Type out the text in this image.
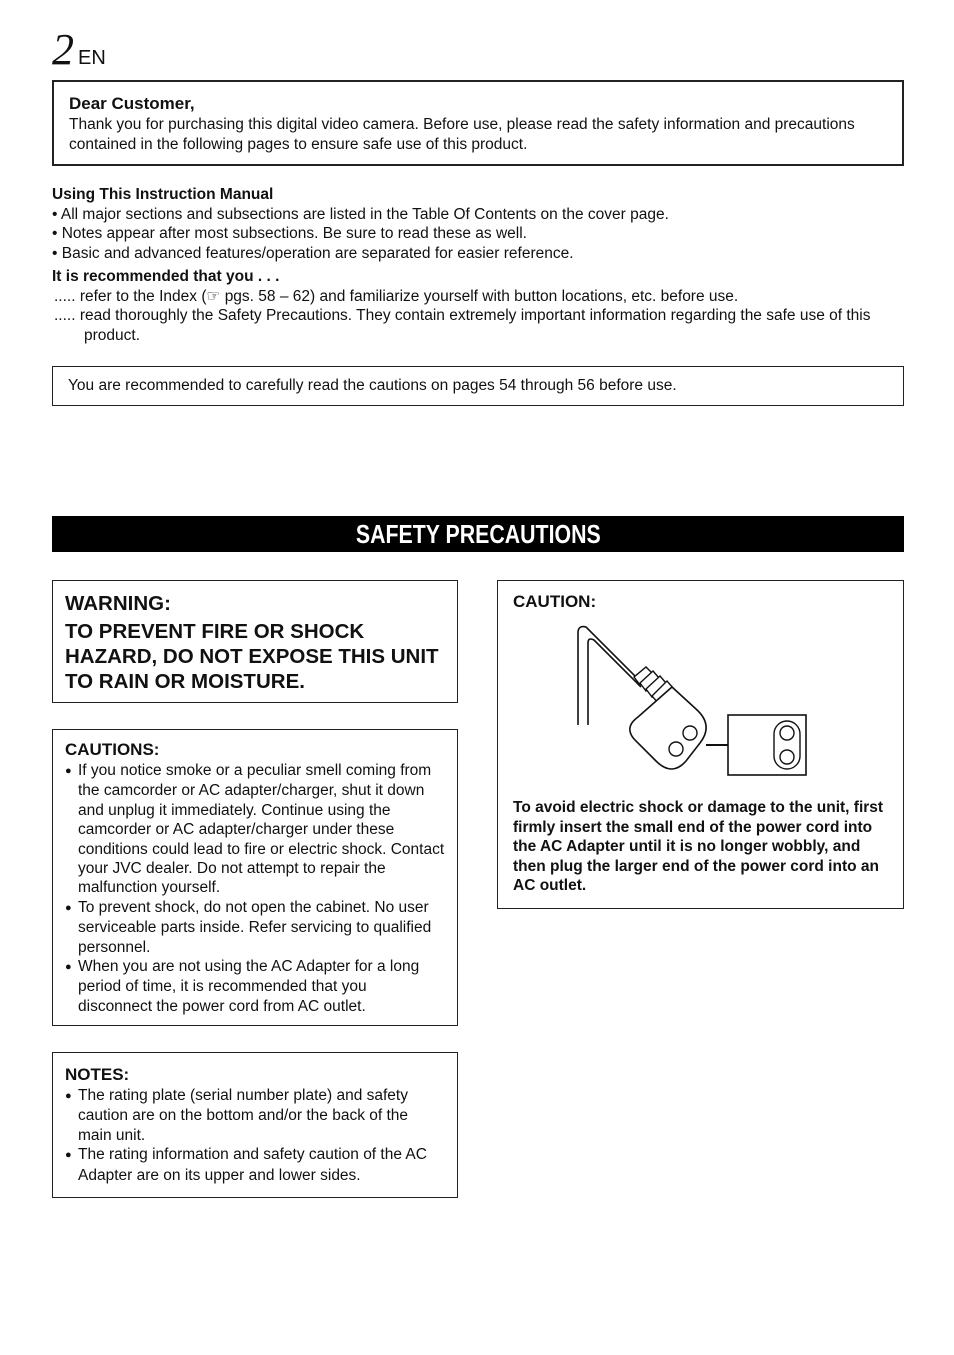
2 EN
Dear Customer,
Thank you for purchasing this digital video camera. Before use, please read the safety information and precautions contained in the following pages to ensure safe use of this product.
Using This Instruction Manual
• All major sections and subsections are listed in the Table Of Contents on the cover page.
• Notes appear after most subsections. Be sure to read these as well.
• Basic and advanced features/operation are separated for easier reference.
It is recommended that you . . .
..... refer to the Index (☞ pgs. 58 – 62) and familiarize yourself with button locations, etc. before use.
..... read thoroughly the Safety Precautions. They contain extremely important information regarding the safe use of this product.
You are recommended to carefully read the cautions on pages 54 through 56 before use.
SAFETY PRECAUTIONS
WARNING:
TO PREVENT FIRE OR SHOCK HAZARD, DO NOT EXPOSE THIS UNIT TO RAIN OR MOISTURE.
CAUTIONS:
● If you notice smoke or a peculiar smell coming from the camcorder or AC adapter/charger, shut it down and unplug it immediately. Continue using the camcorder or AC adapter/charger under these conditions could lead to fire or electric shock. Contact your JVC dealer. Do not attempt to repair the malfunction yourself.
● To prevent shock, do not open the cabinet. No user serviceable parts inside. Refer servicing to qualified personnel.
● When you are not using the AC Adapter for a long period of time, it is recommended that you disconnect the power cord from AC outlet.
NOTES:
● The rating plate (serial number plate) and safety caution are on the bottom and/or the back of the main unit.
● The rating information and safety caution of the AC Adapter are on its upper and lower sides.
CAUTION:
To avoid electric shock or damage to the unit, first firmly insert the small end of the power cord into the AC Adapter until it is no longer wobbly, and then plug the larger end of the power cord into an AC outlet.
